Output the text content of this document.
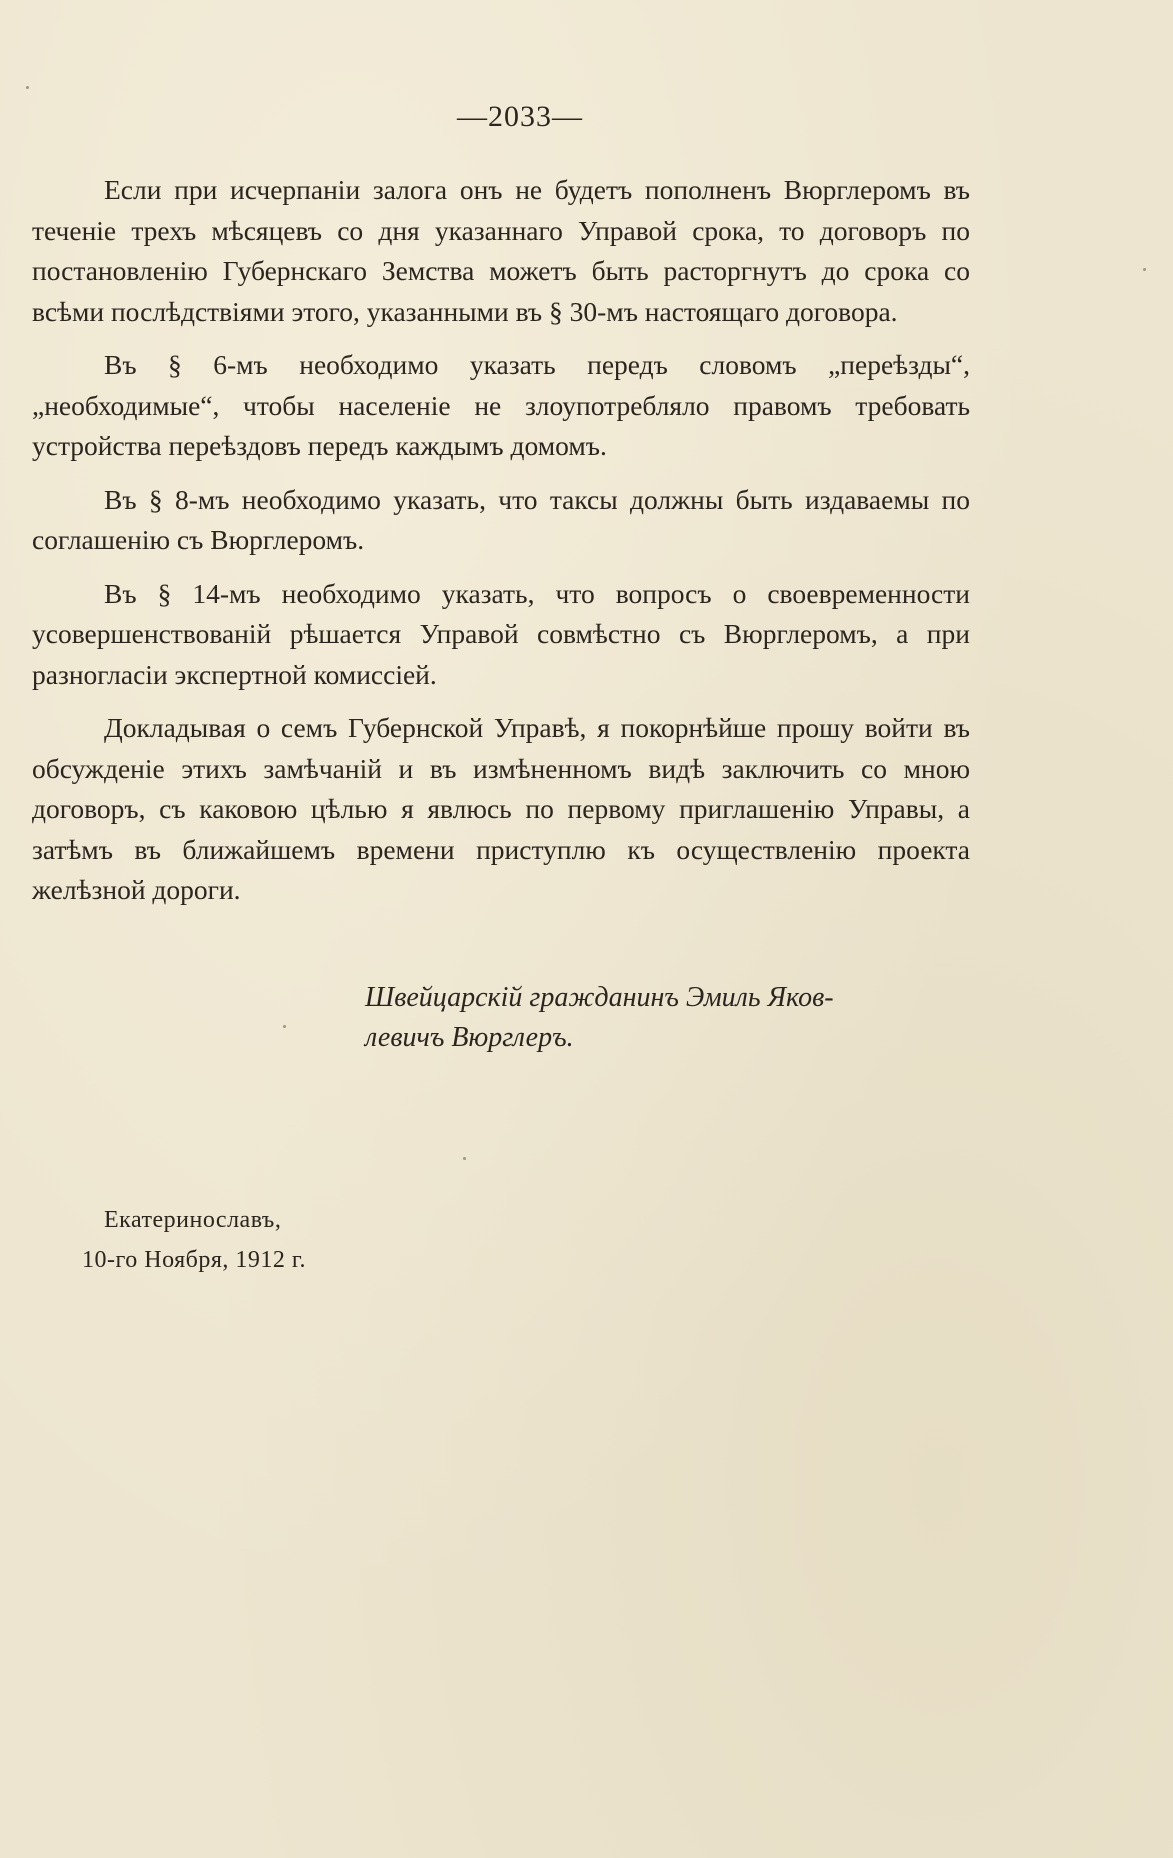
—2033—

Если при исчерпаніи залога онъ не будетъ пополненъ Вюрглеромъ въ теченіе трехъ мѣсяцевъ со дня указаннаго Управой срока, то договоръ по постановленію Губернскаго Земства можетъ быть расторгнутъ до срока со всѣми послѣдствіями этого, указанными въ § 30-мъ настоящаго договора.

Въ § 6-мъ необходимо указать передъ словомъ „переѣзды“, „необходимые“, чтобы населеніе не злоупотребляло правомъ требовать устройства переѣздовъ передъ каждымъ домомъ.

Въ § 8-мъ необходимо указать, что таксы должны быть издаваемы по соглашенію съ Вюрглеромъ.

Въ § 14-мъ необходимо указать, что вопросъ о своевременности усовершенствованій рѣшается Управой совмѣстно съ Вюрглеромъ, а при разногласіи экспертной комиссіей.

Докладывая о семъ Губернской Управѣ, я покорнѣйше прошу войти въ обсужденіе этихъ замѣчаній и въ измѣненномъ видѣ заключить со мною договоръ, съ каковою цѣлью я явлюсь по первому приглашенію Управы, а затѣмъ въ ближайшемъ времени приступлю къ осуществленію проекта желѣзной дороги.

Швейцарскій гражданинъ Эмиль Яков-
левичъ Вюрглеръ.
Екатеринославъ,
10-го Ноября, 1912 г.
